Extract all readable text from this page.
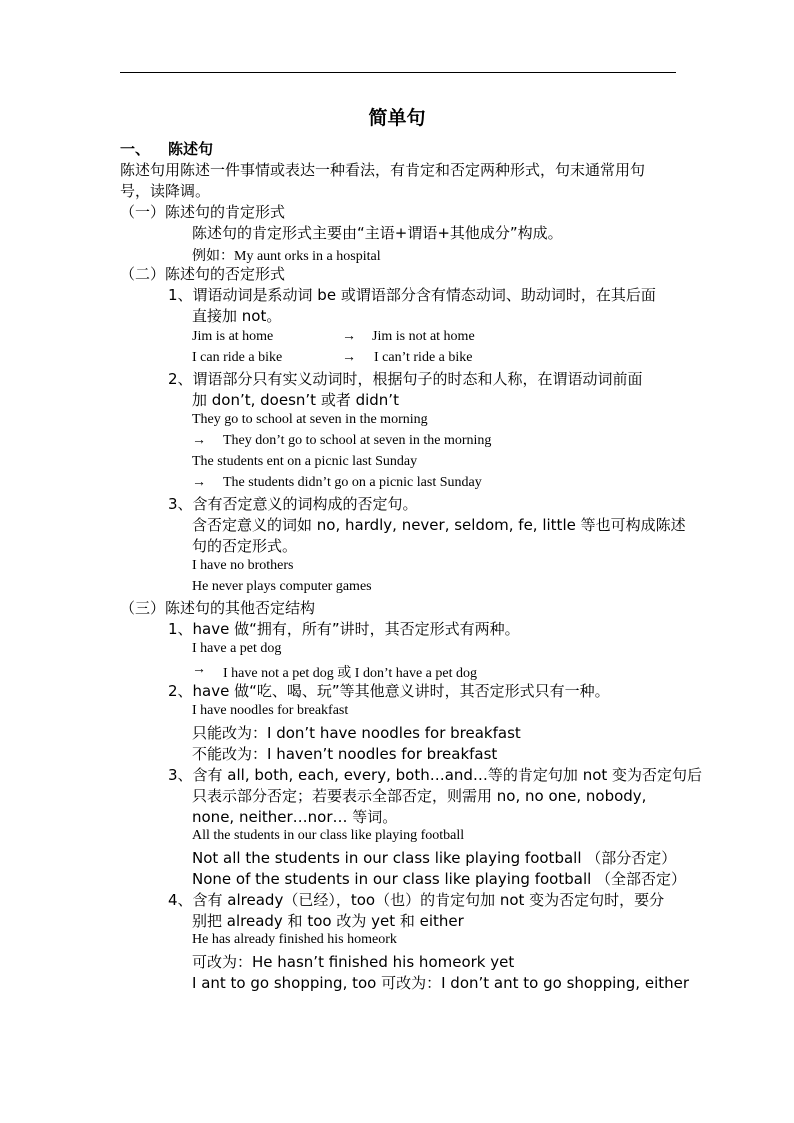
简单句
一、 陈述句
陈述句用陈述一件事情或表达一种看法，有肯定和否定两种形式，句末通常用句
号，读降调。
（一）陈述句的肯定形式
陈述句的肯定形式主要由“主语+谓语+其他成分”构成。
例如：My aunt orks in a hospital
（二）陈述句的否定形式
1、谓语动词是系动词 be 或谓语部分含有情态动词、助动词时，在其后面
直接加 not。
Jim is at home	→ Jim is not at home
I can ride a bike	→ I can’t ride a bike
2、谓语部分只有实义动词时，根据句子的时态和人称，在谓语动词前面
加 don’t, doesn’t 或者 didn’t
They go to school at seven in the morning
→ They don’t go to school at seven in the morning
The students ent on a picnic last Sunday
→ The students didn’t go on a picnic last Sunday
3、含有否定意义的词构成的否定句。
含否定意义的词如 no, hardly, never, seldom, fe, little 等也可构成陈述
句的否定形式。
I have no brothers
He never plays computer games
（三）陈述句的其他否定结构
1、have 做“拥有，所有”讲时，其否定形式有两种。
I have a pet dog
→ I have not a pet dog 或 I don’t have a pet dog
2、have 做“吃、喝、玩”等其他意义讲时，其否定形式只有一种。
I have noodles for breakfast
只能改为：I don’t have noodles for breakfast
不能改为：I haven’t noodles for breakfast
3、含有 all, both, each, every, both…and…等的肯定句加 not 变为否定句后
只表示部分否定；若要表示全部否定，则需用 no, no one, nobody,
none, neither…nor… 等词。
All the students in our class like playing football
Not all the students in our class like playing football （部分否定）
None of the students in our class like playing football （全部否定）
4、含有 already（已经），too（也）的肯定句加 not 变为否定句时，要分
别把 already 和 too 改为 yet 和 either
He has already finished his homeork
可改为：He hasn’t finished his homeork yet
I ant to go shopping, too 可改为：I don’t ant to go shopping, either
